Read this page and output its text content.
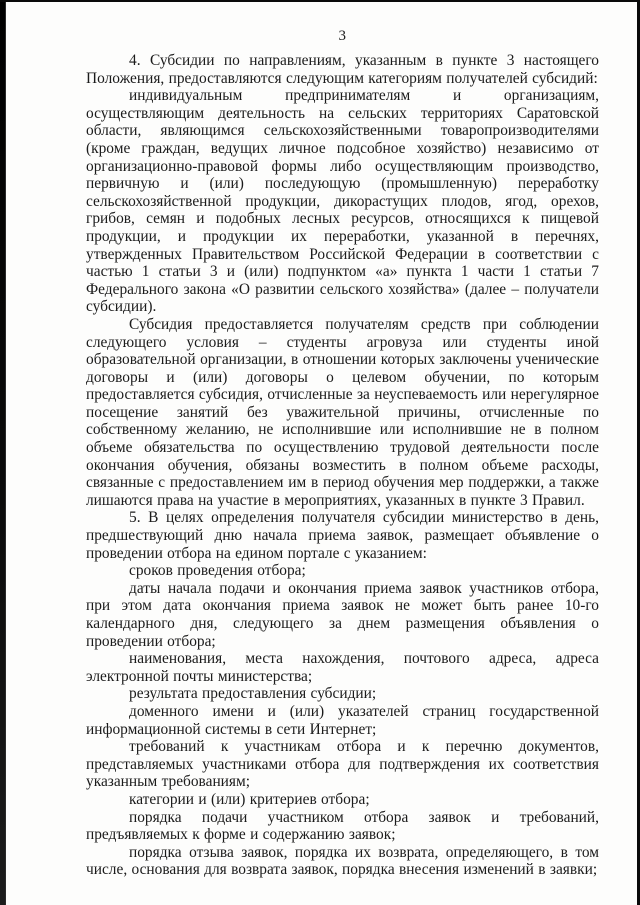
3

4. Субсидии по направлениям, указанным в пункте 3 настоящего Положения, предоставляются следующим категориям получателей субсидий:

индивидуальным предпринимателям и организациям, осуществляющим деятельность на сельских территориях Саратовской области, являющимся сельскохозяйственными товаропроизводителями (кроме граждан, ведущих личное подсобное хозяйство) независимо от организационно-правовой формы либо осуществляющим производство, первичную и (или) последующую (промышленную) переработку сельскохозяйственной продукции, дикорастущих плодов, ягод, орехов, грибов, семян и подобных лесных ресурсов, относящихся к пищевой продукции, и продукции их переработки, указанной в перечнях, утвержденных Правительством Российской Федерации в соответствии с частью 1 статьи 3 и (или) подпунктом «а» пункта 1 части 1 статьи 7 Федерального закона «О развитии сельского хозяйства» (далее – получатели субсидии).

Субсидия предоставляется получателям средств при соблюдении следующего условия – студенты агровуза или студенты иной образовательной организации, в отношении которых заключены ученические договоры и (или) договоры о целевом обучении, по которым предоставляется субсидия, отчисленные за неуспеваемость или нерегулярное посещение занятий без уважительной причины, отчисленные по собственному желанию, не исполнившие или исполнившие не в полном объеме обязательства по осуществлению трудовой деятельности после окончания обучения, обязаны возместить в полном объеме расходы, связанные с предоставлением им в период обучения мер поддержки, а также лишаются права на участие в мероприятиях, указанных в пункте 3 Правил.

5. В целях определения получателя субсидии министерство в день, предшествующий дню начала приема заявок, размещает объявление о проведении отбора на едином портале с указанием:

сроков проведения отбора;

даты начала подачи и окончания приема заявок участников отбора, при этом дата окончания приема заявок не может быть ранее 10-го календарного дня, следующего за днем размещения объявления о проведении отбора;

наименования, места нахождения, почтового адреса, адреса электронной почты министерства;

результата предоставления субсидии;

доменного имени и (или) указателей страниц государственной информационной системы в сети Интернет;

требований к участникам отбора и к перечню документов, представляемых участниками отбора для подтверждения их соответствия указанным требованиям;

категории и (или) критериев отбора;

порядка подачи участником отбора заявок и требований, предъявляемых к форме и содержанию заявок;

порядка отзыва заявок, порядка их возврата, определяющего, в том числе, основания для возврата заявок, порядка внесения изменений в заявки;
